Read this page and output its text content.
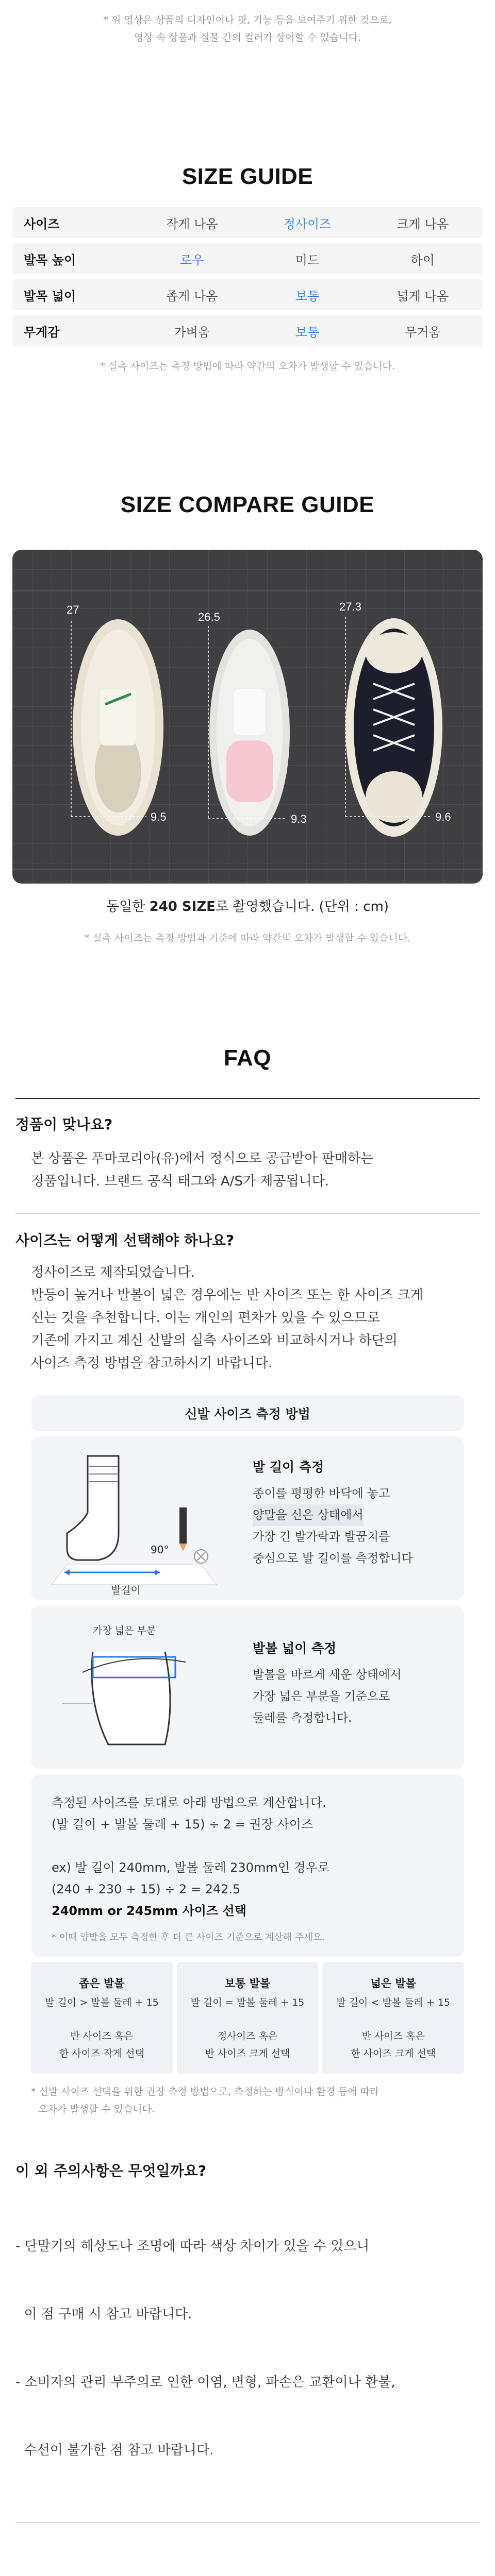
* 위 영상은 상품의 디자인이나 핏, 기능 등을 보여주기 위한 것으로,
영상 속 상품과 실물 간의 컬러가 상이할 수 있습니다.
SIZE GUIDE
사이즈	작게 나옴	정사이즈	크게 나옴
발목 높이	로우	미드	하이
발목 넓이	좁게 나옴	보통	넓게 나옴
무게감	가벼움	보통	무거움
* 실측 사이즈는 측정 방법에 따라 약간의 오차가 발생할 수 있습니다.
SIZE COMPARE GUIDE
27
9.5
26.5
9.3
27.3
9.6
동일한 240 SIZE로 촬영했습니다. (단위 : cm)
* 실측 사이즈는 측정 방법과 기준에 따라 약간의 오차가 발생할 수 있습니다.
FAQ
정품이 맞나요?
본 상품은 푸마코리아(유)에서 정식으로 공급받아 판매하는
정품입니다. 브랜드 공식 태그와 A/S가 제공됩니다.
사이즈는 어떻게 선택해야 하나요?
정사이즈로 제작되었습니다.
발등이 높거나 발볼이 넓은 경우에는 반 사이즈 또는 한 사이즈 크게
신는 것을 추천합니다. 이는 개인의 편차가 있을 수 있으므로
기존에 가지고 계신 신발의 실측 사이즈와 비교하시거나 하단의
사이즈 측정 방법을 참고하시기 바랍니다.
신발 사이즈 측정 방법
90°
발길이
발 길이 측정
종이를 평평한 바닥에 놓고
양말을 신은 상태에서
가장 긴 발가락과 발꿈치를
중심으로 발 길이를 측정합니다
가장 넓은 부분
발볼 넓이 측정
발볼을 바르게 세운 상태에서
가장 넓은 부분을 기준으로
둘레를 측정합니다.
측정된 사이즈를 토대로 아래 방법으로 계산합니다.
(발 길이 + 발볼 둘레 + 15) ÷ 2 = 권장 사이즈
ex) 발 길이 240mm, 발볼 둘레 230mm인 경우로
(240 + 230 + 15) ÷ 2 = 242.5
240mm or 245mm 사이즈 선택
* 이때 양발을 모두 측정한 후 더 큰 사이즈 기준으로 계산해 주세요.
좁은 발볼
발 길이 > 발볼 둘레 + 15
반 사이즈 혹은
한 사이즈 작게 선택
보통 발볼
발 길이 = 발볼 둘레 + 15
정사이즈 혹은
반 사이즈 크게 선택
넓은 발볼
발 길이 < 발볼 둘레 + 15
반 사이즈 혹은
한 사이즈 크게 선택
* 신발 사이즈 선택을 위한 권장 측정 방법으로, 측정하는 방식이나 환경 등에 따라
오차가 발생할 수 있습니다.
이 외 주의사항은 무엇일까요?

- 단말기의 해상도나 조명에 따라 색상 차이가 있을 수 있으니

이 점 구매 시 참고 바랍니다.

- 소비자의 관리 부주의로 인한 이염, 변형, 파손은 교환이나 환불,

수선이 불가한 점 참고 바랍니다.
